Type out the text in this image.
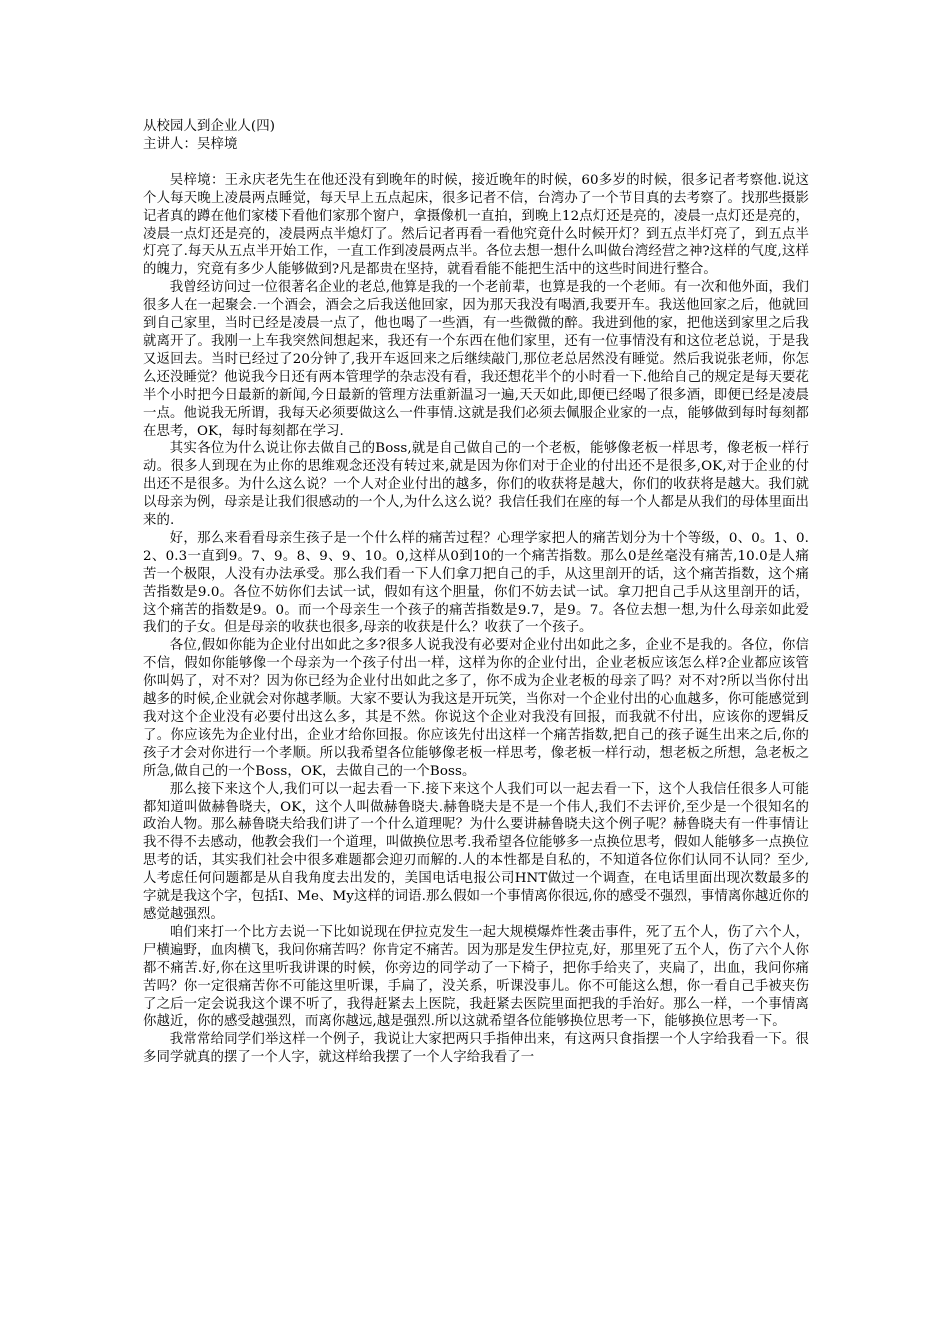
从校园人到企业人(四)

主讲人：吴梓境

吴梓境：王永庆老先生在他还没有到晚年的时候，接近晚年的时候，60多岁的时候，很多记者考察他.说这个人每天晚上凌晨两点睡觉，每天早上五点起床，很多记者不信，台湾办了一个节目真的去考察了。找那些摄影记者真的蹲在他们家楼下看他们家那个窗户，拿摄像机一直拍，到晚上12点灯还是亮的，凌晨一点灯还是亮的，凌晨一点灯还是亮的，凌晨两点半熄灯了。然后记者再看一看他究竟什么时候开灯？到五点半灯亮了，到五点半灯亮了.每天从五点半开始工作，一直工作到凌晨两点半。各位去想一想什么叫做台湾经营之神?这样的气度,这样的魄力，究竟有多少人能够做到?凡是都贵在坚持，就看看能不能把生活中的这些时间进行整合。

我曾经访问过一位很著名企业的老总,他算是我的一个老前辈，也算是我的一个老师。有一次和他外面，我们很多人在一起聚会.一个酒会，酒会之后我送他回家，因为那天我没有喝酒,我要开车。我送他回家之后，他就回到自己家里，当时已经是凌晨一点了，他也喝了一些酒，有一些微微的醉。我进到他的家，把他送到家里之后我就离开了。我刚一上车我突然间想起来，我还有一个东西在他们家里，还有一位事情没有和这位老总说，于是我又返回去。当时已经过了20分钟了,我开车返回来之后继续敲门,那位老总居然没有睡觉。然后我说张老师，你怎么还没睡觉？他说我今日还有两本管理学的杂志没有看，我还想花半个的小时看一下.他给自己的规定是每天要花半个小时把今日最新的新闻,今日最新的管理方法重新温习一遍,天天如此,即便已经喝了很多酒，即便已经是凌晨一点。他说我无所谓，我每天必须要做这么一件事情.这就是我们必须去佩服企业家的一点，能够做到每时每刻都在思考，OK，每时每刻都在学习.

其实各位为什么说让你去做自己的Boss,就是自己做自己的一个老板，能够像老板一样思考，像老板一样行动。很多人到现在为止你的思维观念还没有转过来,就是因为你们对于企业的付出还不是很多,OK,对于企业的付出还不是很多。为什么这么说？一个人对企业付出的越多，你们的收获将是越大，你们的收获将是越大。我们就以母亲为例，母亲是让我们很感动的一个人,为什么这么说？我信任我们在座的每一个人都是从我们的母体里面出来的.

好，那么来看看母亲生孩子是一个什么样的痛苦过程？心理学家把人的痛苦划分为十个等级，0、0。1、0.2、0.3一直到9。7、9。8、9、9、10。0,这样从0到10的一个痛苦指数。那么0是丝毫没有痛苦,10.0是人痛苦一个极限，人没有办法承受。那么我们看一下人们拿刀把自己的手，从这里剖开的话，这个痛苦指数，这个痛苦指数是9.0。各位不妨你们去试一试，假如有这个胆量，你们不妨去试一试。拿刀把自己手从这里剖开的话，这个痛苦的指数是9。0。而一个母亲生一个孩子的痛苦指数是9.7，是9。7。各位去想一想,为什么母亲如此爱我们的子女。但是母亲的收获也很多,母亲的收获是什么？收获了一个孩子。

各位,假如你能为企业付出如此之多?很多人说我没有必要对企业付出如此之多，企业不是我的。各位，你信不信，假如你能够像一个母亲为一个孩子付出一样，这样为你的企业付出，企业老板应该怎么样?企业都应该管你叫妈了，对不对？因为你已经为企业付出如此之多了，你不成为企业老板的母亲了吗？对不对?所以当你付出越多的时候,企业就会对你越孝顺。大家不要认为我这是开玩笑，当你对一个企业付出的心血越多，你可能感觉到我对这个企业没有必要付出这么多，其是不然。你说这个企业对我没有回报，而我就不付出，应该你的逻辑反了。你应该先为企业付出，企业才给你回报。你应该先付出这样一个痛苦指数,把自己的孩子诞生出来之后,你的孩子才会对你进行一个孝顺。所以我希望各位能够像老板一样思考，像老板一样行动，想老板之所想，急老板之所急,做自己的一个Boss，OK，去做自己的一个Boss。

那么接下来这个人,我们可以一起去看一下.接下来这个人我们可以一起去看一下，这个人我信任很多人可能都知道叫做赫鲁晓夫，OK，这个人叫做赫鲁晓夫.赫鲁晓夫是不是一个伟人,我们不去评价,至少是一个很知名的政治人物。那么赫鲁晓夫给我们讲了一个什么道理呢？为什么要讲赫鲁晓夫这个例子呢？赫鲁晓夫有一件事情让我不得不去感动，他教会我们一个道理，叫做换位思考.我希望各位能够多一点换位思考，假如人能够多一点换位思考的话，其实我们社会中很多难题都会迎刃而解的.人的本性都是自私的，不知道各位你们认同不认同？至少,人考虑任何问题都是从自我角度去出发的，美国电话电报公司HNT做过一个调查，在电话里面出现次数最多的字就是我这个字，包括I、Me、My这样的词语.那么假如一个事情离你很远,你的感受不强烈，事情离你越近你的感觉越强烈。

咱们来打一个比方去说一下比如说现在伊拉克发生一起大规模爆炸性袭击事件，死了五个人，伤了六个人，尸横遍野，血肉横飞，我问你痛苦吗？你肯定不痛苦。因为那是发生伊拉克,好，那里死了五个人，伤了六个人你都不痛苦.好,你在这里听我讲课的时候，你旁边的同学动了一下椅子，把你手给夹了，夹扁了，出血，我问你痛苦吗？你一定很痛苦你不可能这里听课，手扁了，没关系，听课没事儿。你不可能这么想，你一看自己手被夹伤了之后一定会说我这个课不听了，我得赶紧去上医院，我赶紧去医院里面把我的手治好。那么一样，一个事情离你越近，你的感受越强烈，而离你越远,越是强烈.所以这就希望各位能够换位思考一下，能够换位思考一下。

我常常给同学们举这样一个例子，我说让大家把两只手指伸出来，有这两只食指摆一个人字给我看一下。很多同学就真的摆了一个人字，就这样给我摆了一个人字给我看了一
